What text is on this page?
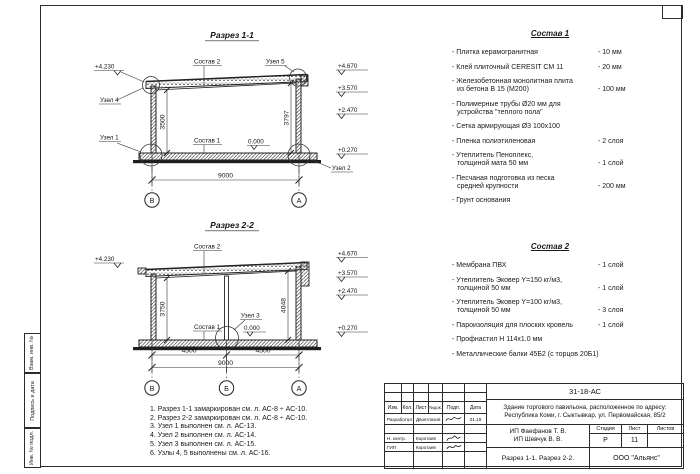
Взам. инв. №
Подпись и дата
Инв. № подл.
Разрез 1-1
3500	3797
9000
В	А
+4.670
+3.570
+2.470
+0.270
+4.230
Состав 2	Узел 5
Узел 4
Узел 1
Узел 2
Состав 1	0.000
Разрез 2-2
3750	4048
4500	4500
9000
В	Б	А
+4.670
+3.570
+2.470
+0.270
+4.230
Состав 2
Узел 3
Состав 1	0.000
Состав 1
- Плитка керамогранитная	- 10 мм
- Клей плиточный CERESIT СМ 11	- 20 мм
- Железобетонная монолитная плита
из бетона В 15 (М200)	- 100 мм
- Полимерные трубы Ø20 мм для
устройства "теплого пола"
- Сетка армирующая Ø3 100х100
- Пленка полиэтиленовая	- 2 слоя
- Утеплитель Пеноплекс,
толщиной мата 50 мм	- 1 слой
- Песчаная подготовка из песка
средней крупности	- 200 мм
- Грунт основания
Состав 2
- Мембрана ПВХ	- 1 слой
- Утеплитель Эковер Y=150 кг/м3,
толщиной 50 мм	- 1 слой
- Утеплитель Эковер Y=100 кг/м3,
толщиной 50 мм	- 3 слоя
- Пароизоляция для плоских кровель	- 1 слой
- Профнастил Н 114х1.0 мм
- Металлические балки 45Б2 (с торцов 20Б1)
1. Разрез 1-1 замаркирован см. л. АС-8 ÷ АС-10.
2. Разрез 2-2 замаркирован см. л. АС-8 ÷ АС-10.
3. Узел 1 выполнен см. л. АС-13.
4. Узел 2 выполнен см. л. АС-14.
5. Узел 3 выполнен см. л. АС-15.
6. Узлы 4, 5 выполнены см. л. АС-16.
Изм. Кол. Лист №док.	Подп.	Дата
Разработал Двоеглазов	01.19
Н. контр.	Коротаев
ГИП	Коротаев
31-18-АС
Здание торгового павильона, расположенное по адресу:
Республика Коми, г. Сыктывкар, ул. Первомайская, 85/2
ИП Фаефанов Т. В.
ИП Шевчук В. В.
Стадия	Лист	Листов
Р	11
Разрез 1-1. Разрез 2-2.	ООО "Альянс"
